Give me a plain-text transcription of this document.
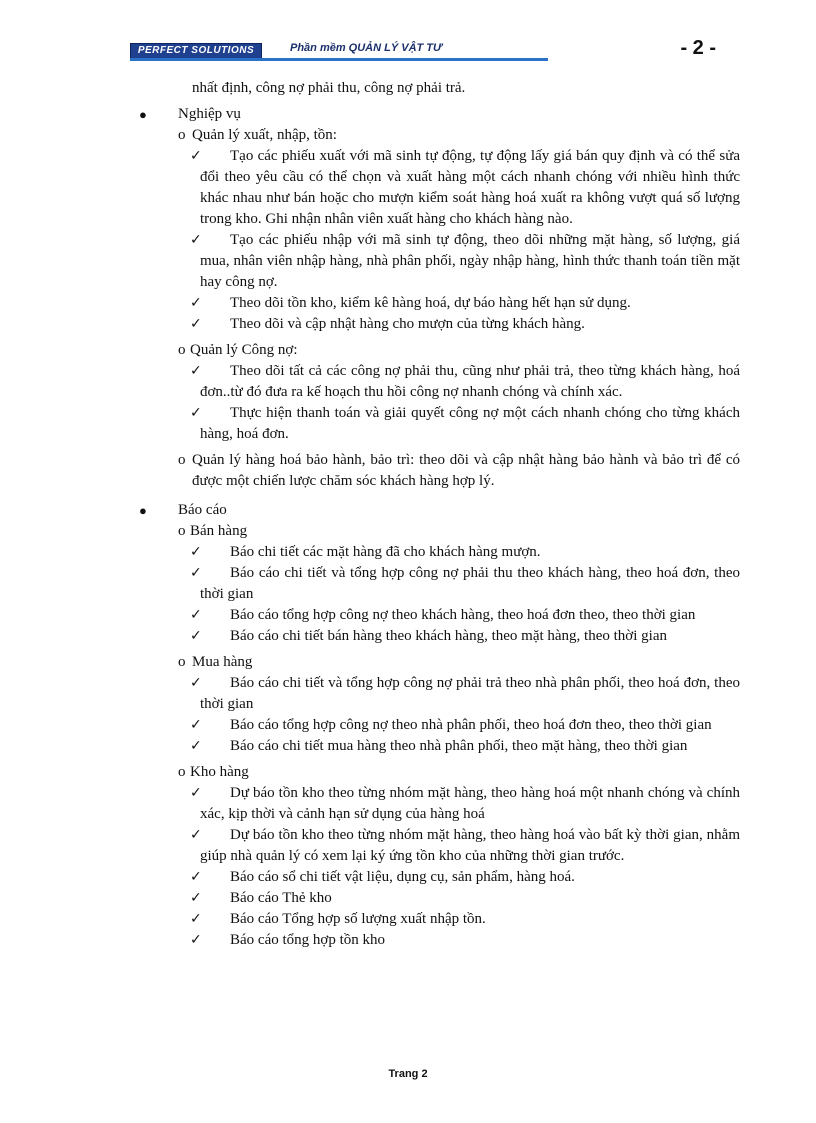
PERFECT SOLUTIONS	Phần mềm QUẢN LÝ VẬT TƯ	- 2 -
nhất định, công nợ phải thu, công nợ phải trả.
● Nghiệp vụ
o Quản lý xuất, nhập, tồn:
✓ Tạo các phiếu xuất với mã sinh tự động, tự động lấy giá bán quy định và có thể sửa đổi theo yêu cầu có thể chọn và xuất hàng một cách nhanh chóng với nhiều hình thức khác nhau như bán hoặc cho mượn kiểm soát hàng hoá xuất ra không vượt quá số lượng trong kho. Ghi nhận nhân viên xuất hàng cho khách hàng nào.
✓ Tạo các phiếu nhập với mã sinh tự động, theo dõi những mặt hàng, số lượng, giá mua, nhân viên nhập hàng, nhà phân phối, ngày nhập hàng, hình thức thanh toán tiền mặt hay công nợ.
✓ Theo dõi tồn kho, kiểm kê hàng hoá, dự báo hàng hết hạn sử dụng.
✓ Theo dõi và cập nhật hàng cho mượn của từng khách hàng.
o Quản lý Công nợ:
✓ Theo dõi tất cả các công nợ phải thu, cũng như phải trả, theo từng khách hàng, hoá đơn..từ đó đưa ra kế hoạch thu hồi công nợ nhanh chóng và chính xác.
✓ Thực hiện thanh toán và giải quyết công nợ một cách nhanh chóng cho từng khách hàng, hoá đơn.
o Quản lý hàng hoá bảo hành, bảo trì: theo dõi và cập nhật hàng bảo hành và bảo trì để có được một chiến lược chăm sóc khách hàng hợp lý.
● Báo cáo
o Bán hàng
✓ Báo chi tiết các mặt hàng đã cho khách hàng mượn.
✓ Báo cáo chi tiết và tổng hợp công nợ phải thu theo khách hàng, theo hoá đơn, theo thời gian
✓ Báo cáo tổng hợp công nợ theo khách hàng, theo hoá đơn theo, theo thời gian
✓ Báo cáo chi tiết bán hàng theo khách hàng, theo mặt hàng, theo thời gian
o Mua hàng
✓ Báo cáo chi tiết và tổng hợp công nợ phải trả theo nhà phân phối, theo hoá đơn, theo thời gian
✓ Báo cáo tổng hợp công nợ theo nhà phân phối, theo hoá đơn theo, theo thời gian
✓ Báo cáo chi tiết mua hàng theo nhà phân phối, theo mặt hàng, theo thời gian
o Kho hàng
✓ Dự báo tồn kho theo từng nhóm mặt hàng, theo hàng hoá một nhanh chóng và chính xác, kịp thời và cảnh hạn sử dụng của hàng hoá
✓ Dự báo tồn kho theo từng nhóm mặt hàng, theo hàng hoá vào bất kỳ thời gian, nhằm giúp nhà quản lý có xem lại ký ứng tồn kho của những thời gian trước.
✓ Báo cáo sổ chi tiết vật liệu, dụng cụ, sản phẩm, hàng hoá.
✓ Báo cáo Thẻ kho
✓ Báo cáo Tổng hợp số lượng xuất nhập tồn.
✓ Báo cáo tổng hợp tồn kho
Trang 2
